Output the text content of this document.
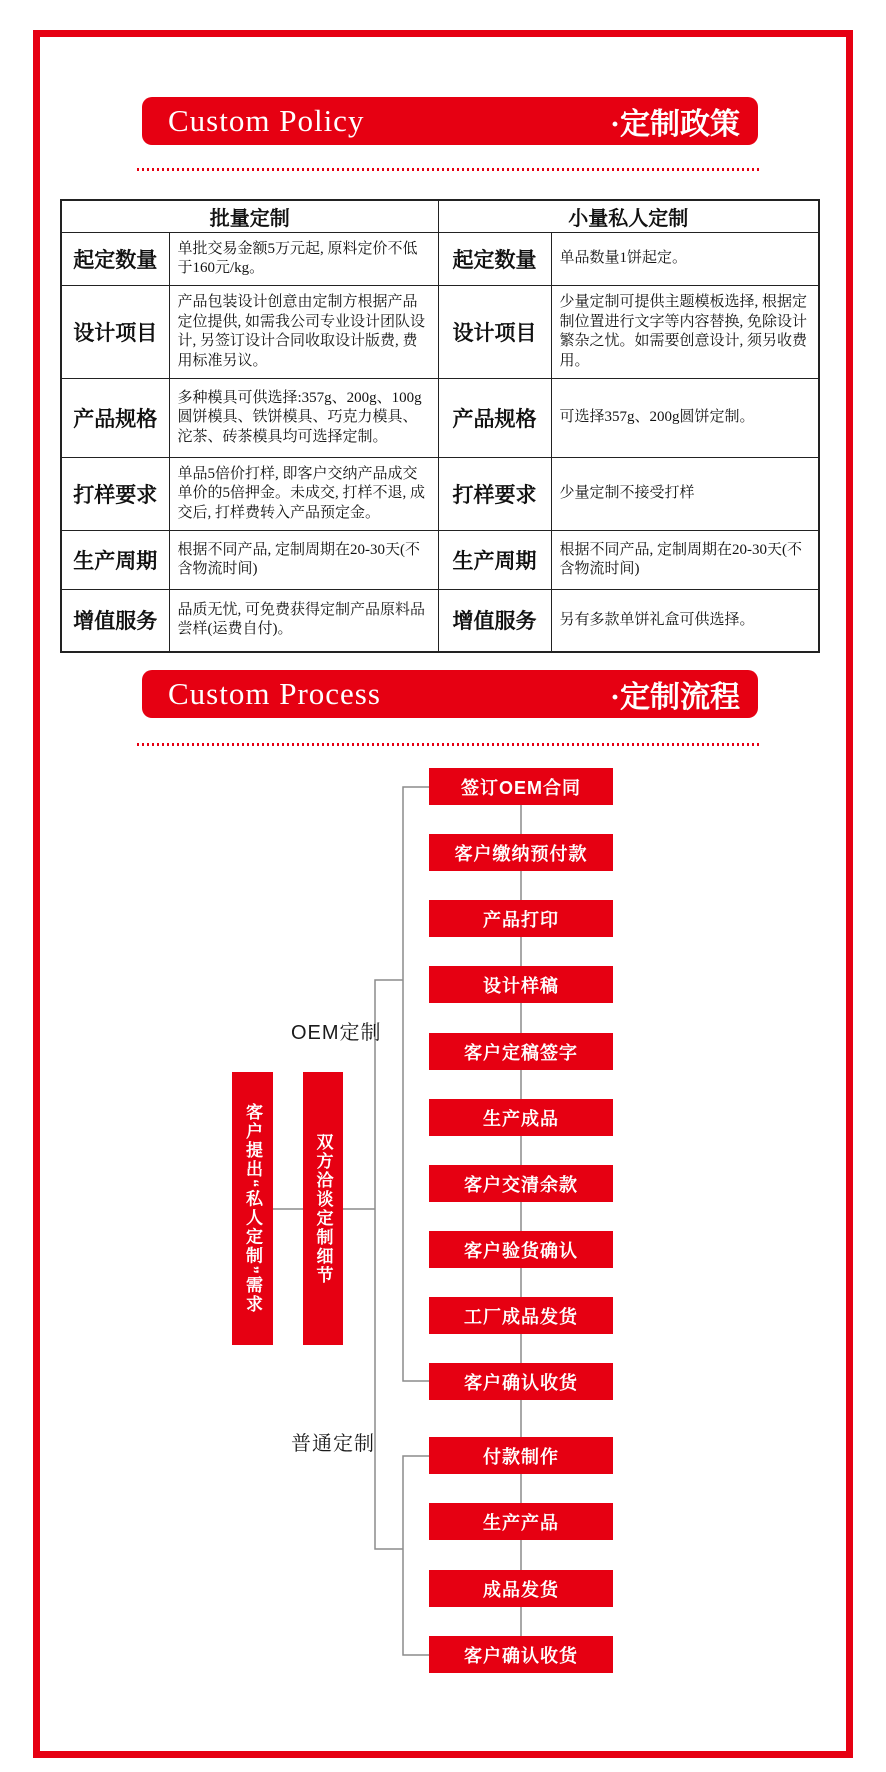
Custom Policy	·定制政策
批量定制		小量私人定制	
起定数量	单批交易金额5万元起, 原料定价不低于160元/kg。	起定数量	单品数量1饼起定。
设计项目	产品包装设计创意由定制方根据产品定位提供, 如需我公司专业设计团队设计, 另签订设计合同收取设计版费, 费用标准另议。	设计项目	少量定制可提供主题模板选择, 根据定制位置进行文字等内容替换, 免除设计繁杂之忧。如需要创意设计, 须另收费用。
产品规格	多种模具可供选择:357g、200g、100g圆饼模具、铁饼模具、巧克力模具、沱茶、砖茶模具均可选择定制。	产品规格	可选择357g、200g圆饼定制。
打样要求	单品5倍价打样, 即客户交纳产品成交单价的5倍押金。未成交, 打样不退, 成交后, 打样费转入产品预定金。	打样要求	少量定制不接受打样
生产周期	根据不同产品, 定制周期在20-30天(不含物流时间)	生产周期	根据不同产品, 定制周期在20-30天(不含物流时间)
增值服务	品质无忧, 可免费获得定制产品原料品尝样(运费自付)。	增值服务	另有多款单饼礼盒可供选择。
Custom Process	·定制流程
客户提出“私人定制”需求	双方洽谈定制细节
OEM定制
普通定制
签订OEM合同
客户缴纳预付款
产品打印
设计样稿
客户定稿签字
生产成品
客户交清余款
客户验货确认
工厂成品发货
客户确认收货
付款制作
生产产品
成品发货
客户确认收货
